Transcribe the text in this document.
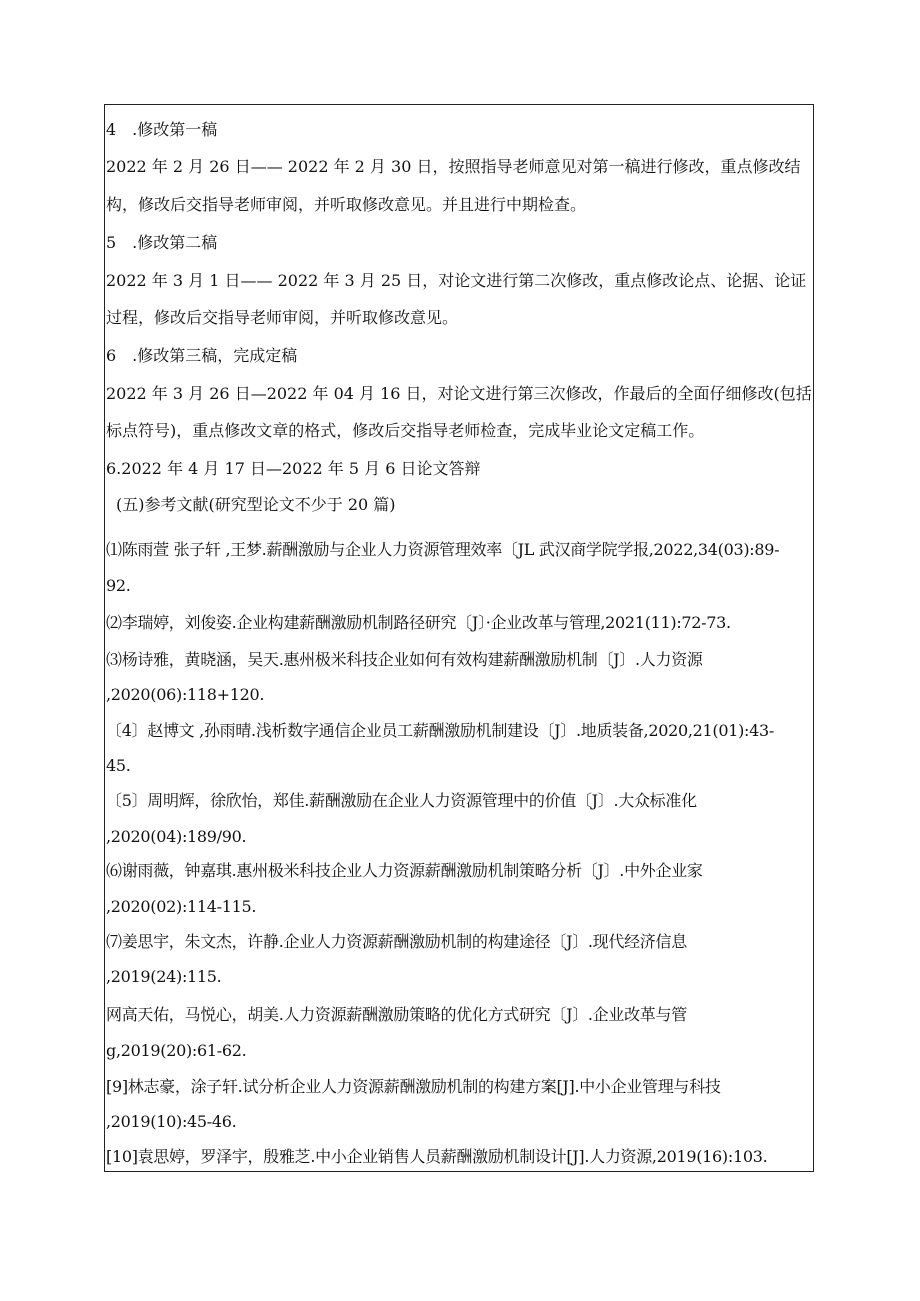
4　.修改第一稿
2022 年 2 月 26 日—— 2022 年 2 月 30 日，按照指导老师意见对第一稿进行修改，重点修改结
构，修改后交指导老师审阅，并听取修改意见。并且进行中期检查。
5　.修改第二稿
2022 年 3 月 1 日—— 2022 年 3 月 25 日，对论文进行第二次修改，重点修改论点、论据、论证
过程，修改后交指导老师审阅，并听取修改意见。
6　.修改第三稿，完成定稿
2022 年 3 月 26 日—2022 年 04 月 16 日，对论文进行第三次修改，作最后的全面仔细修改(包括
标点符号)，重点修改文章的格式，修改后交指导老师检查，完成毕业论文定稿工作。
6.2022 年 4 月 17 日—2022 年 5 月 6 日论文答辩
(五)参考文献(研究型论文不少于 20 篇)
⑴陈雨萱 张子轩 ,王梦.薪酬激励与企业人力资源管理效率〔JL 武汉商学院学报,2022,34(03):89-
92.
⑵李瑞婷，刘俊姿.企业构建薪酬激励机制路径研究〔J〕·企业改革与管理,2021(11):72-73.
⑶杨诗雅，黄晓涵，吴天.惠州极米科技企业如何有效构建薪酬激励机制〔J〕.人力资源
,2020(06):118+120.
〔4〕赵博文 ,孙雨晴.浅析数字通信企业员工薪酬激励机制建设〔J〕.地质装备,2020,21(01):43-
45.
〔5〕周明辉，徐欣怡，郑佳.薪酬激励在企业人力资源管理中的价值〔J〕.大众标准化
,2020(04):189/90.
⑹谢雨薇，钟嘉琪.惠州极米科技企业人力资源薪酬激励机制策略分析〔J〕.中外企业家
,2020(02):114-115.
⑺姜思宇，朱文杰，许静.企业人力资源薪酬激励机制的构建途径〔J〕.现代经济信息
,2019(24):115.
网高天佑，马悦心，胡美.人力资源薪酬激励策略的优化方式研究〔J〕.企业改革与管
g,2019(20):61-62.
[9]林志豪，涂子轩.试分析企业人力资源薪酬激励机制的构建方案[J].中小企业管理与科技
,2019(10):45-46.
[10]袁思婷，罗泽宇，殷雅芝.中小企业销售人员薪酬激励机制设计[J].人力资源,2019(16):103.
